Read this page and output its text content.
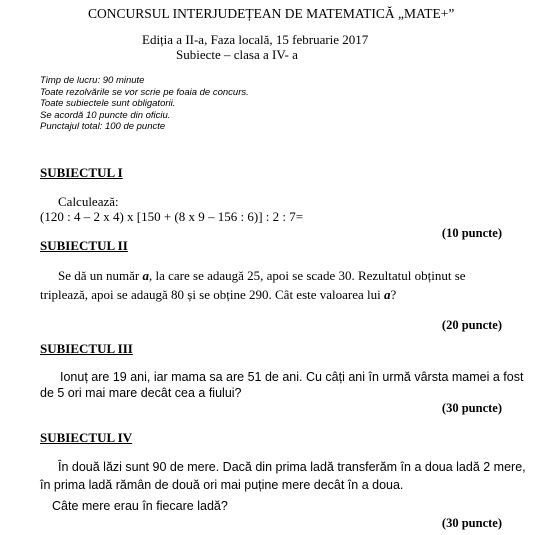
CONCURSUL INTERJUDEȚEAN DE MATEMATICĂ „MATE+”
Ediția a II-a, Faza locală, 15 februarie 2017
Subiecte – clasa a IV- a
Timp de lucru: 90 minute
Toate rezolvările se vor scrie pe foaia de concurs.
Toate subiectele sunt obligatorii.
Se acordă 10 puncte din oficiu.
Punctajul total: 100 de puncte
SUBIECTUL I
Calculează:
(120 : 4 – 2 x 4) x [150 + (8 x 9 – 156 : 6)] : 2 : 7=
(10 puncte)
SUBIECTUL II
Se dă un număr a, la care se adaugă 25, apoi se scade 30. Rezultatul obținut se
triplează, apoi se adaugă 80 și se obține 290. Cât este valoarea lui a?
(20 puncte)
SUBIECTUL III
Ionuț are 19 ani, iar mama sa are 51 de ani. Cu câți ani în urmă vârsta mamei a fost
de 5 ori mai mare decât cea a fiului?
(30 puncte)
SUBIECTUL IV
În două lăzi sunt 90 de mere. Dacă din prima ladă transferăm în a doua ladă 2 mere,
în prima ladă rămân de două ori mai puține mere decât în a doua.
Câte mere erau în fiecare ladă?
(30 puncte)
